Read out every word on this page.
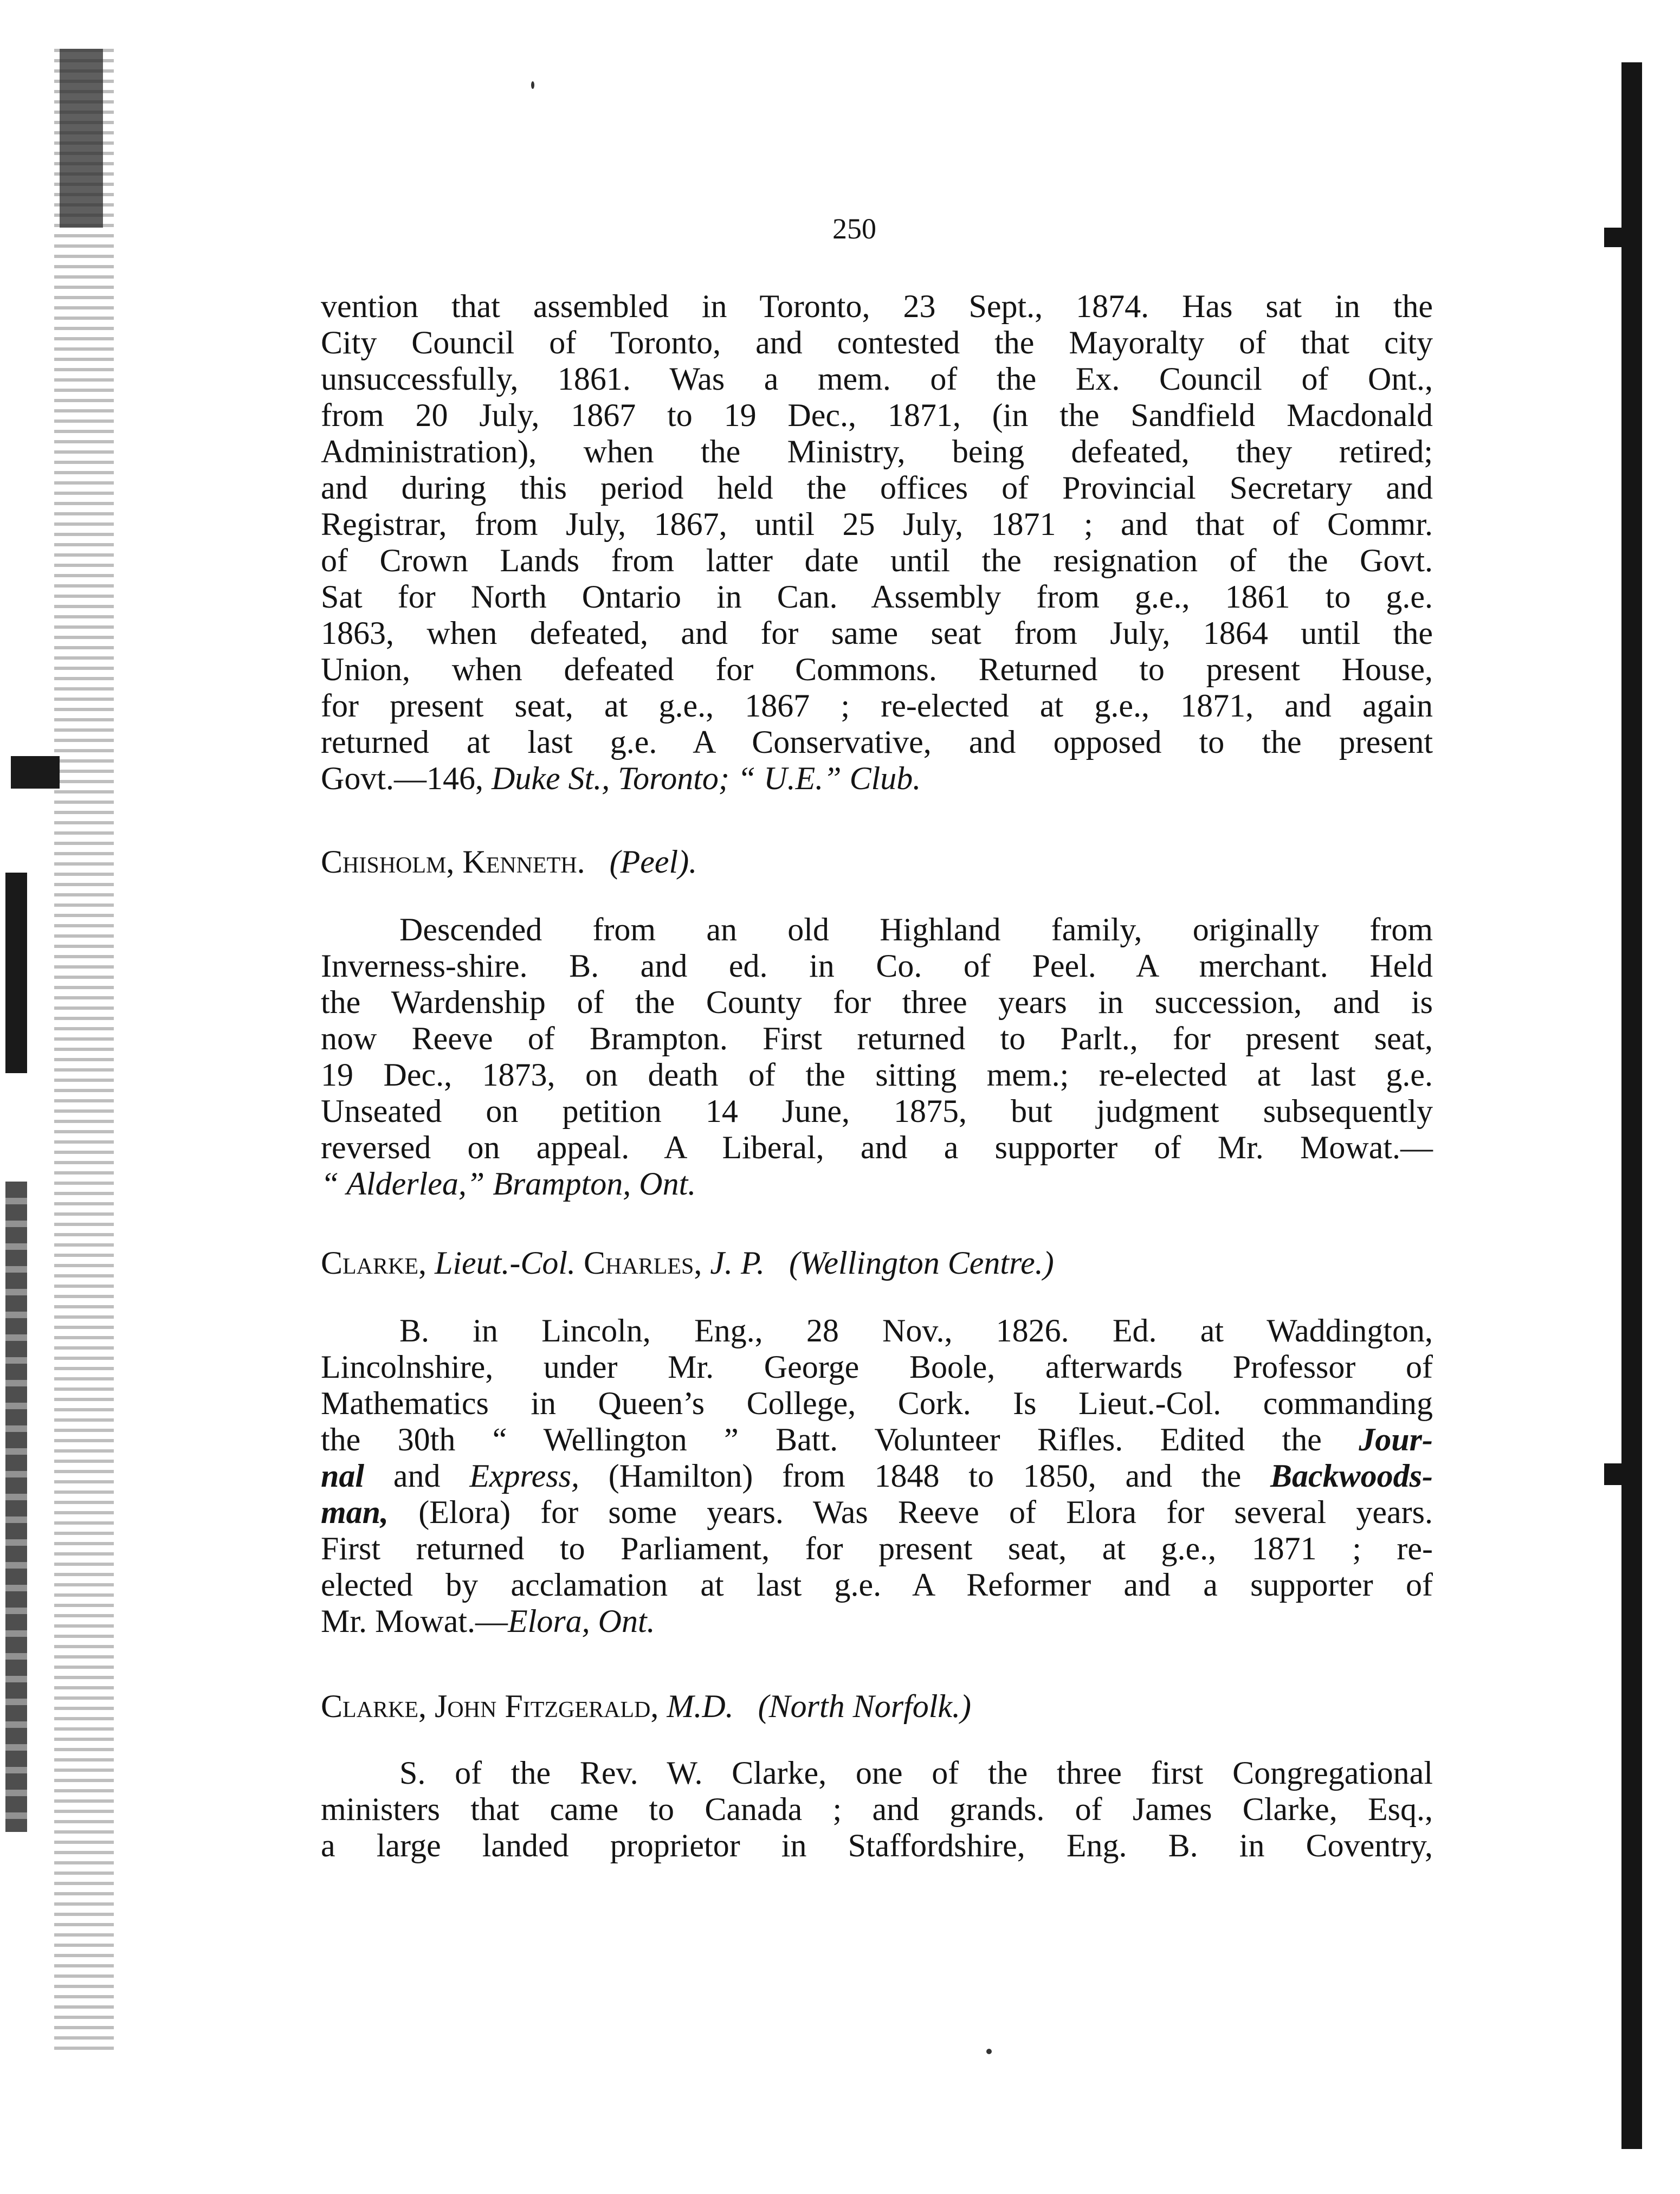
250
vention that assembled in Toronto, 23 Sept., 1874. Has sat in the
City Council of Toronto, and contested the Mayoralty of that city
unsuccessfully, 1861. Was a mem. of the Ex. Council of Ont.,
from 20 July, 1867 to 19 Dec., 1871, (in the Sandfield Macdonald
Administration), when the Ministry, being defeated, they retired;
and during this period held the offices of Provincial Secretary and
Registrar, from July, 1867, until 25 July, 1871 ; and that of Commr.
of Crown Lands from latter date until the resignation of the Govt.
Sat for North Ontario in Can. Assembly from g.e., 1861 to g.e.
1863, when defeated, and for same seat from July, 1864 until the
Union, when defeated for Commons. Returned to present House,
for present seat, at g.e., 1867 ; re-elected at g.e., 1871, and again
returned at last g.e. A Conservative, and opposed to the present
Govt.—146, Duke St., Toronto; “ U.E.” Club.
Chisholm, Kenneth. (Peel).
Descended from an old Highland family, originally from
Inverness-shire. B. and ed. in Co. of Peel. A merchant. Held
the Wardenship of the County for three years in succession, and is
now Reeve of Brampton. First returned to Parlt., for present seat,
19 Dec., 1873, on death of the sitting mem.; re-elected at last g.e.
Unseated on petition 14 June, 1875, but judgment subsequently
reversed on appeal. A Liberal, and a supporter of Mr. Mowat.—
“ Alderlea,” Brampton, Ont.
Clarke, Lieut.-Col. Charles, J. P. (Wellington Centre.)
B. in Lincoln, Eng., 28 Nov., 1826. Ed. at Waddington,
Lincolnshire, under Mr. George Boole, afterwards Professor of
Mathematics in Queen’s College, Cork. Is Lieut.-Col. commanding
the 30th “ Wellington ” Batt. Volunteer Rifles. Edited the Jour-
nal and Express, (Hamilton) from 1848 to 1850, and the Backwoods-
man, (Elora) for some years. Was Reeve of Elora for several years.
First returned to Parliament, for present seat, at g.e., 1871 ; re-
elected by acclamation at last g.e. A Reformer and a supporter of
Mr. Mowat.—Elora, Ont.
Clarke, John Fitzgerald, M.D. (North Norfolk.)
S. of the Rev. W. Clarke, one of the three first Congregational
ministers that came to Canada ; and grands. of James Clarke, Esq.,
a large landed proprietor in Staffordshire, Eng. B. in Coventry,
